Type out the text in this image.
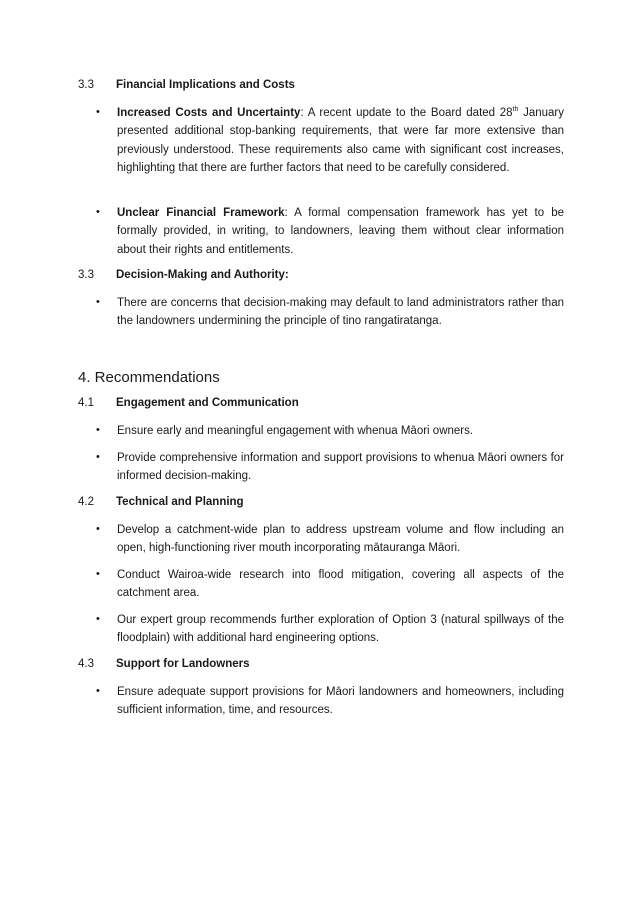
3.3 Financial Implications and Costs
• Increased Costs and Uncertainty: A recent update to the Board dated 28th January presented additional stop-banking requirements, that were far more extensive than previously understood. These requirements also came with significant cost increases, highlighting that there are further factors that need to be carefully considered.
• Unclear Financial Framework: A formal compensation framework has yet to be formally provided, in writing, to landowners, leaving them without clear information about their rights and entitlements.
3.3 Decision-Making and Authority:
• There are concerns that decision-making may default to land administrators rather than the landowners undermining the principle of tino rangatiratanga.
4. Recommendations
4.1 Engagement and Communication
• Ensure early and meaningful engagement with whenua Māori owners.
• Provide comprehensive information and support provisions to whenua Māori owners for informed decision-making.
4.2 Technical and Planning
• Develop a catchment-wide plan to address upstream volume and flow including an open, high-functioning river mouth incorporating mātauranga Māori.
• Conduct Wairoa-wide research into flood mitigation, covering all aspects of the catchment area.
• Our expert group recommends further exploration of Option 3 (natural spillways of the floodplain) with additional hard engineering options.
4.3 Support for Landowners
• Ensure adequate support provisions for Māori landowners and homeowners, including sufficient information, time, and resources.
